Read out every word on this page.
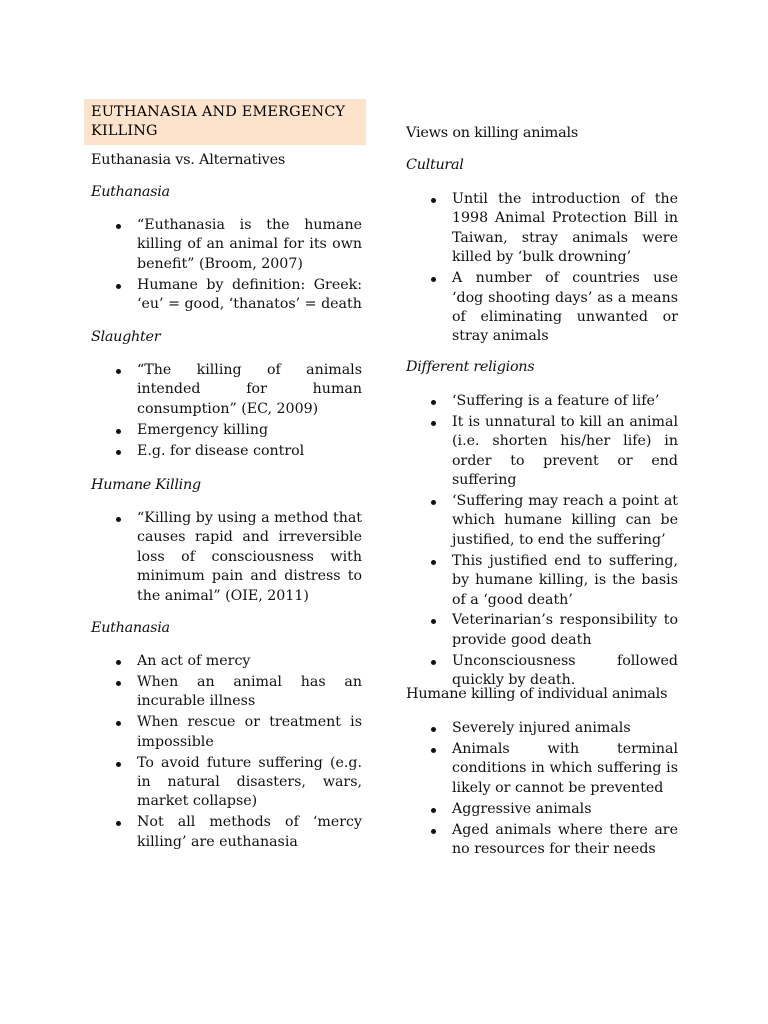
EUTHANASIA AND EMERGENCY KILLING
Euthanasia vs. Alternatives
Euthanasia
“Euthanasia is the humane killing of an animal for its own benefit” (Broom, 2007)
Humane by definition: Greek: ‘eu’ = good, ‘thanatos’ = death
Slaughter
“The killing of animals intended for human consumption” (EC, 2009)
Emergency killing
E.g. for disease control
Humane Killing
“Killing by using a method that causes rapid and irreversible loss of consciousness with minimum pain and distress to the animal” (OIE, 2011)
Euthanasia
An act of mercy
When an animal has an incurable illness
When rescue or treatment is impossible
To avoid future suffering (e.g. in natural disasters, wars, market collapse)
Not all methods of ‘mercy killing’ are euthanasia
Views on killing animals
Cultural
Until the introduction of the 1998 Animal Protection Bill in Taiwan, stray animals were killed by ‘bulk drowning’
A number of countries use ‘dog shooting days’ as a means of eliminating unwanted or stray animals
Different religions
‘Suffering is a feature of life’
It is unnatural to kill an animal (i.e. shorten his/her life) in order to prevent or end suffering
‘Suffering may reach a point at which humane killing can be justified, to end the suffering’
This justified end to suffering, by humane killing, is the basis of a ‘good death’
Veterinarian’s responsibility to provide good death
Unconsciousness followed quickly by death.
Humane killing of individual animals
Severely injured animals
Animals with terminal conditions in which suffering is likely or cannot be prevented
Aggressive animals
Aged animals where there are no resources for their needs
